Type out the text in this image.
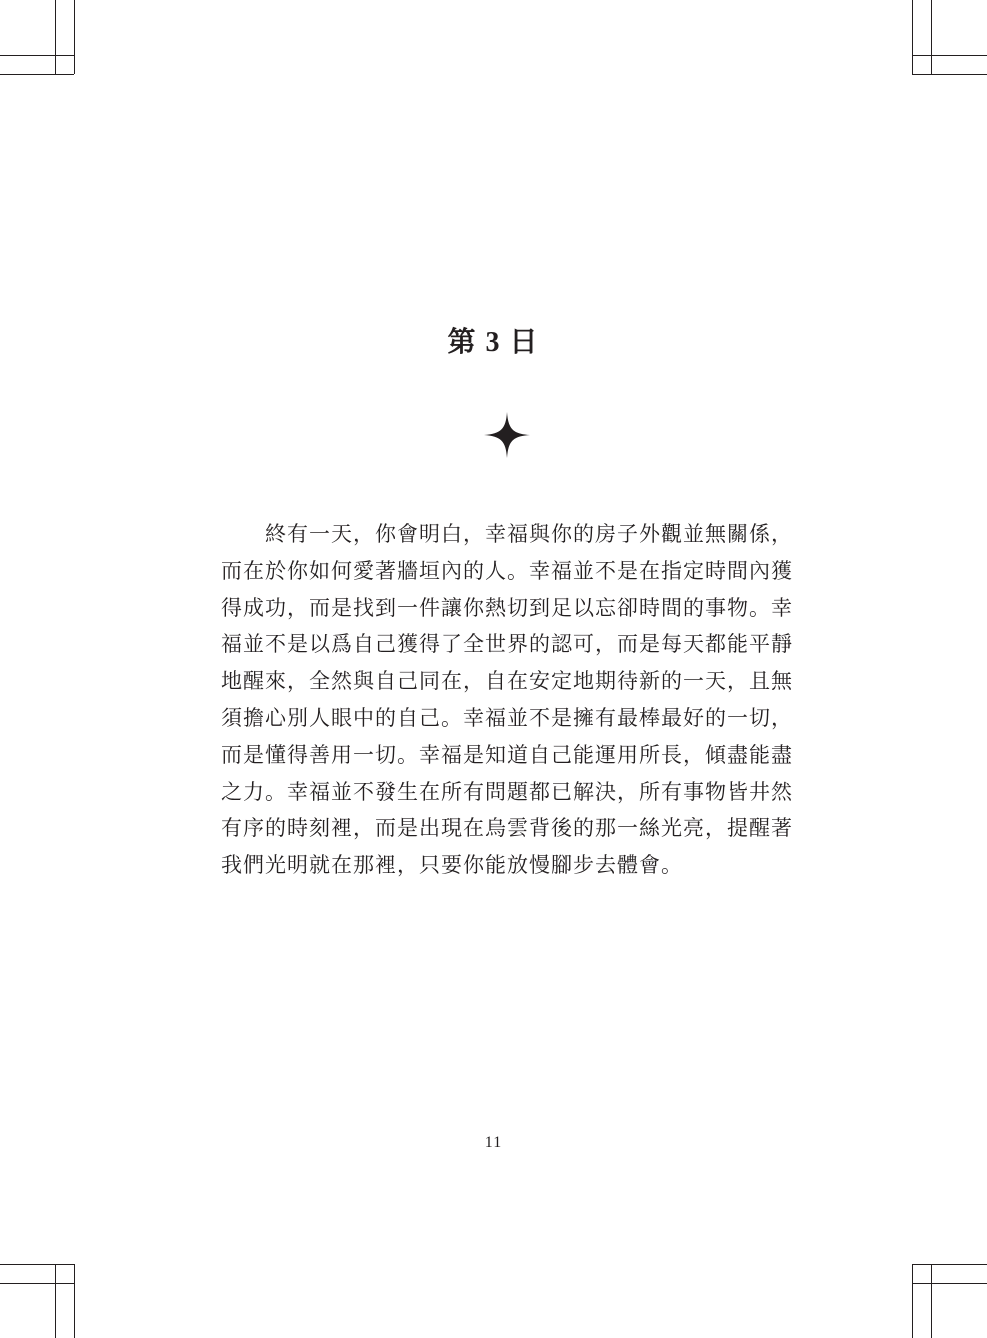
第 3 日
終有一天，你會明白，幸福與你的房子外觀並無關係，
而在於你如何愛著牆垣內的人。幸福並不是在指定時間內獲
得成功，而是找到一件讓你熱切到足以忘卻時間的事物。幸
福並不是以爲自己獲得了全世界的認可，而是每天都能平靜
地醒來，全然與自己同在，自在安定地期待新的一天，且無
須擔心別人眼中的自己。幸福並不是擁有最棒最好的一切，
而是懂得善用一切。幸福是知道自己能運用所長，傾盡能盡
之力。幸福並不發生在所有問題都已解決，所有事物皆井然
有序的時刻裡，而是出現在烏雲背後的那一絲光亮，提醒著
我們光明就在那裡，只要你能放慢腳步去體會。
11
